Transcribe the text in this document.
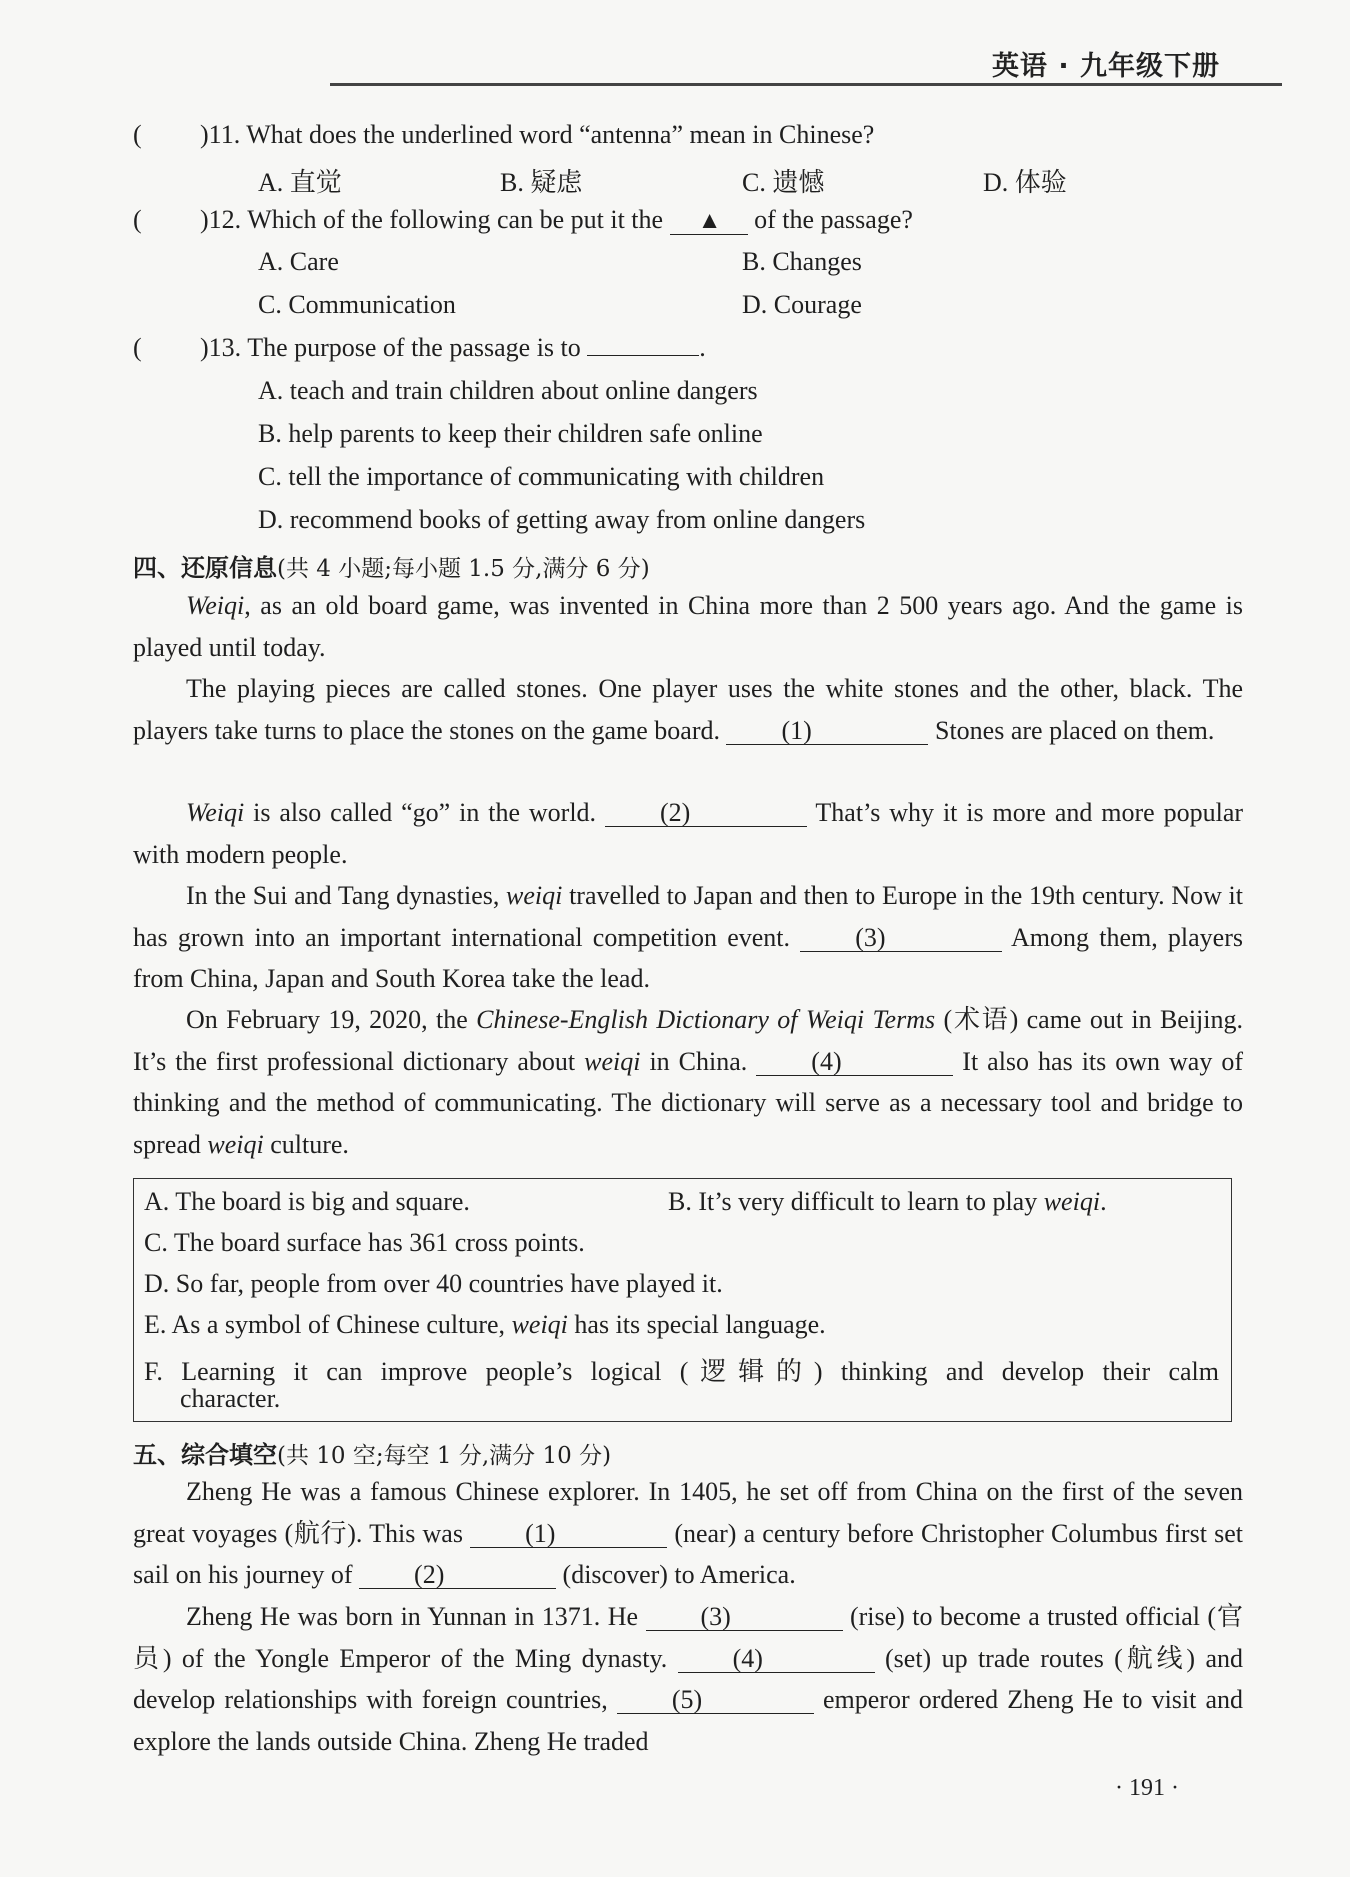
英语 · 九年级下册
( )11. What does the underlined word “antenna” mean in Chinese?
A. 直觉	B. 疑虑	C. 遗憾	D. 体验
( )12. Which of the following can be put it the ▲ of the passage?
A. Care	B. Changes
C. Communication	D. Courage
( )13. The purpose of the passage is to	.
A. teach and train children about online dangers
B. help parents to keep their children safe online
C. tell the importance of communicating with children
D. recommend books of getting away from online dangers
四、还原信息(共 4 小题;每小题 1.5 分,满分 6 分)
Weiqi, as an old board game, was invented in China more than 2 500 years ago. And the game is played until today.
The playing pieces are called stones. One player uses the white stones and the other, black. The players take turns to place the stones on the game board. (1)	Stones are placed on them.
Weiqi is also called “go” in the world. (2)	That’s why it is more and more popular with modern people.
In the Sui and Tang dynasties, weiqi travelled to Japan and then to Europe in the 19th century. Now it has grown into an important international competition event.	(3)	Among them, players from China, Japan and South Korea take the lead.
On February 19, 2020, the Chinese-English Dictionary of Weiqi Terms (术语) came out in Beijing. It’s the first professional dictionary about weiqi in China. (4)	It also has its own way of thinking and the method of communicating. The dictionary will serve as a necessary tool and bridge to spread weiqi culture.
A. The board is big and square.	B. It’s very difficult to learn to play weiqi.
C. The board surface has 361 cross points.
D. So far, people from over 40 countries have played it.
E. As a symbol of Chinese culture, weiqi has its special language.
F. Learning it can improve people’s logical (逻辑的) thinking and develop their calm
character.
五、综合填空(共 10 空;每空 1 分,满分 10 分)
Zheng He was a famous Chinese explorer. In 1405, he set off from China on the first of the seven great voyages (航行). This was (1)	(near) a century before Christopher Columbus first set sail on his journey of (2)	(discover) to America.
Zheng He was born in Yunnan in 1371. He (3)	(rise) to become a trusted official (官员) of the Yongle Emperor of the Ming dynasty.	(4)	(set) up trade routes (航线) and develop relationships with foreign countries, (5)	emperor ordered Zheng He to visit and explore the lands outside China. Zheng He traded
· 191 ·
